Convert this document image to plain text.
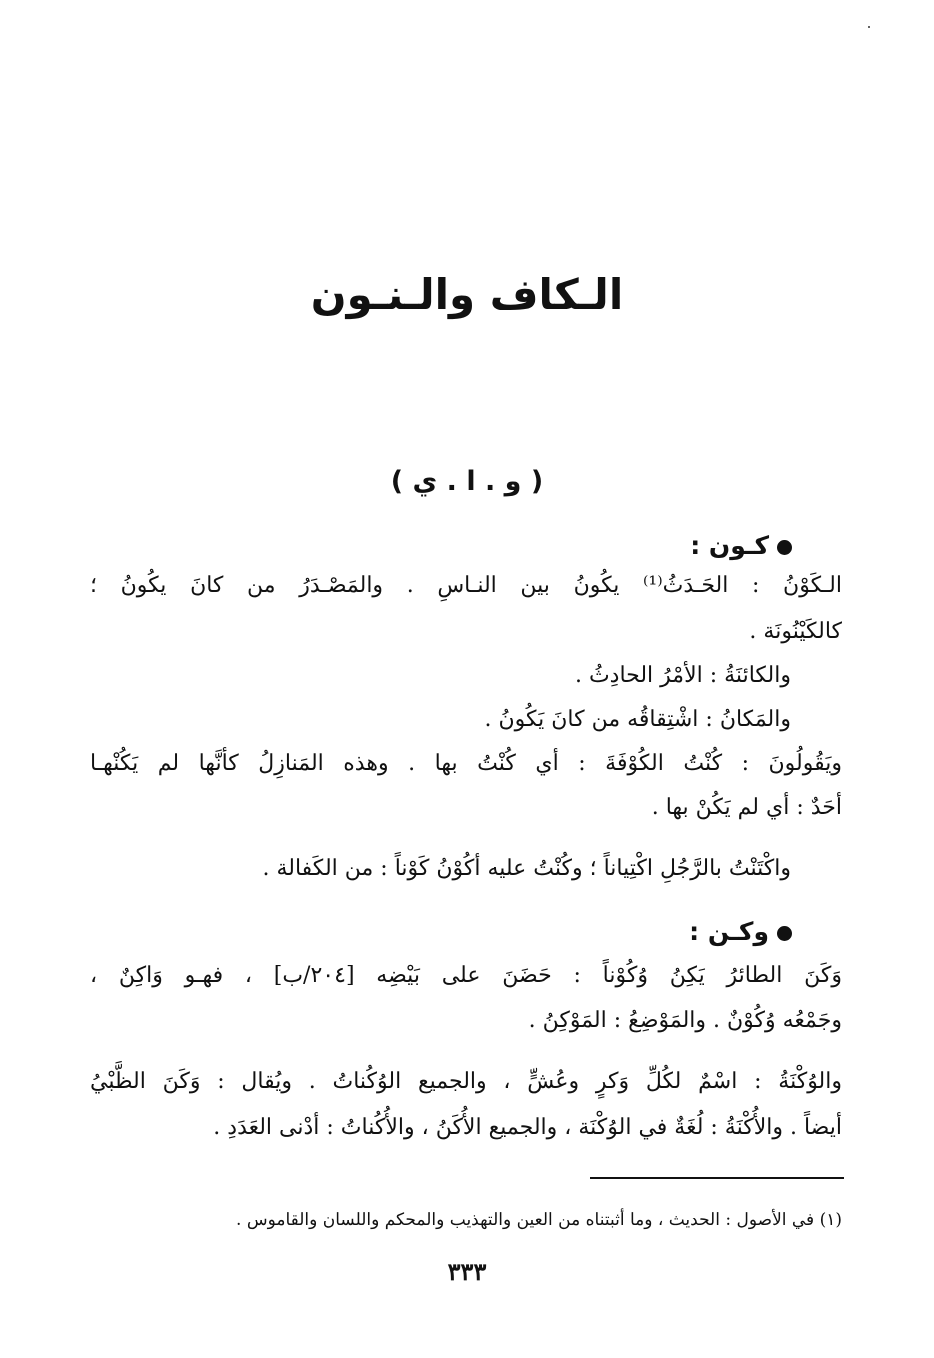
الـكاف والـنـون
( و . ا . ي )
كـون :
الـكَوْنُ : الحَـدَثُ⁽¹⁾ يكُونُ بين النـاسِ . والمَصْـدَرُ من كانَ يكُونُ ؛
كالكَيْنُونَة .
والكائنَةُ : الأمْرُ الحادِثُ .
والمَكانُ : اشْتِقاقُه من كانَ يَكُونُ .
ويَقُولُونَ : كُنْتُ الكُوْفَةَ : أي كُنْتُ بها . وهذه المَنازِلُ كأنَّها لم يَكُنْهـا
أحَدٌ : أي لم يَكُنْ بها .
واكْتَنْتُ بالرَّجُلِ اكْتِياناً ؛ وكُنْتُ عليه أكُوْنُ كَوْناً : من الكَفالة .
وكـن :
وَكَنَ الطائرُ يَكِنُ وُكُوْناً : حَضَنَ على بَيْضِه [٢٠٤/ب] ، فهـو وَاكِنٌ ،
وجَمْعُه وُكُوْنٌ . والمَوْضِعُ : المَوْكِنُ .
والوُكْنَةُ : اسْمٌ لكُلِّ وَكرٍ وعُشٍّ ، والجميع الوُكُناتُ . ويُقال : وَكَنَ الظَّبْيُ
أيضاً . والأُكْنَةُ : لُغَةٌ في الوُكْنَة ، والجميع الأُكَنُ ، والأُكُناتُ : أدْنى العَدَدِ .
(١) في الأصول : الحديث ، وما أثبتناه من العين والتهذيب والمحكم واللسان والقاموس .
٣٣٣
